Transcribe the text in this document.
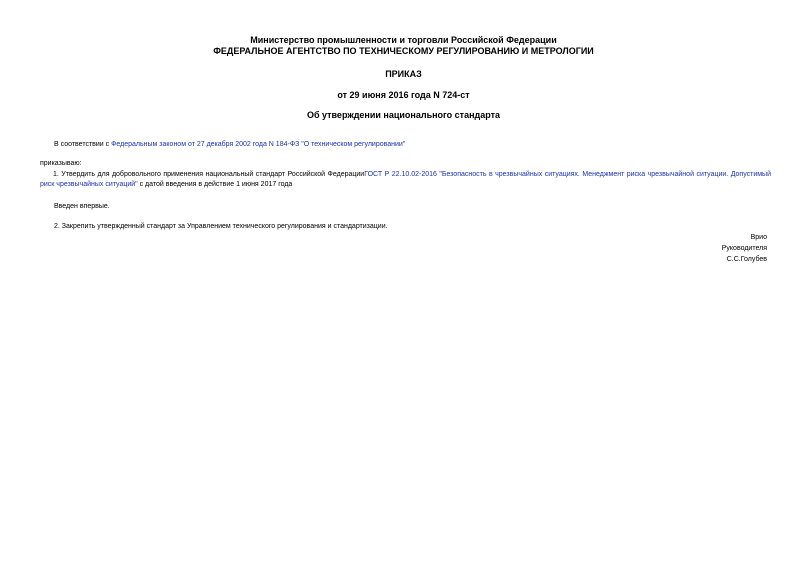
Министерство промышленности и торговли Российской Федерации
ФЕДЕРАЛЬНОЕ АГЕНТСТВО ПО ТЕХНИЧЕСКОМУ РЕГУЛИРОВАНИЮ И МЕТРОЛОГИИ
ПРИКАЗ
от 29 июня 2016 года N 724-ст
Об утверждении национального стандарта
В соответствии с Федеральным законом от 27 декабря 2002 года N 184-ФЗ "О техническом регулировании"
приказываю:
1. Утвердить для добровольного применения национальный стандарт Российской ФедерацииГОСТ Р 22.10.02-2016 "Безопасность в чрезвычайных ситуациях. Менеджмент риска чрезвычайной ситуации. Допустимый риск чрезвычайных ситуаций" с датой введения в действие 1 июня 2017 года
Введен впервые.
2. Закрепить утвержденный стандарт за Управлением технического регулирования и стандартизации.
Врио
Руководителя
С.С.Голубев
